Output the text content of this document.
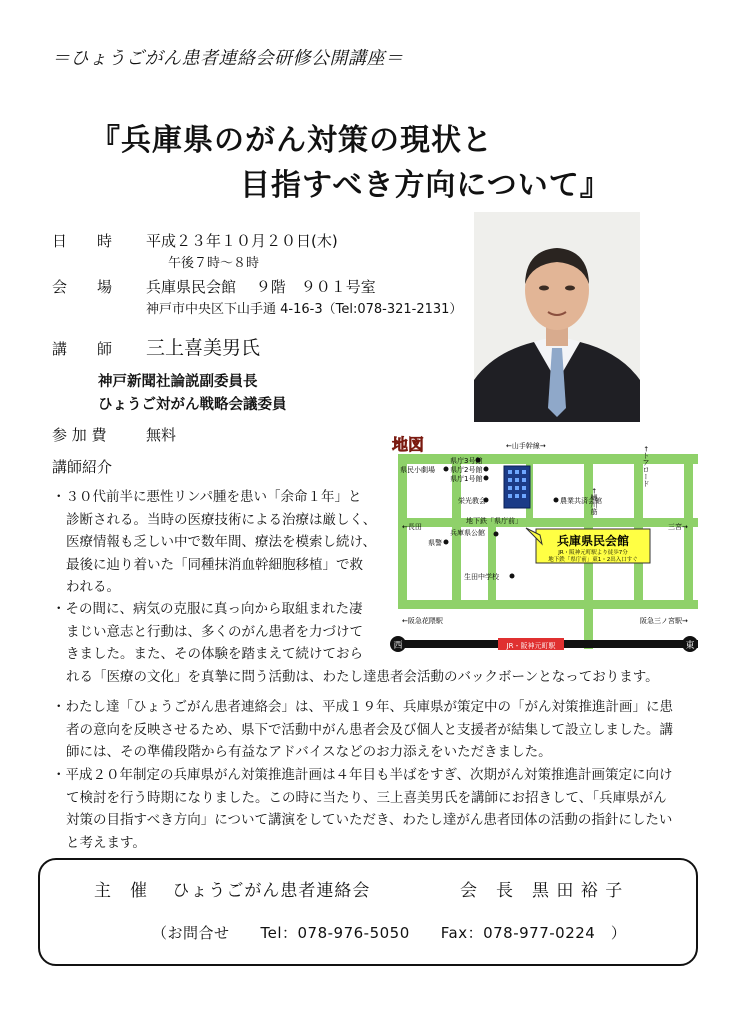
＝ひょうごがん患者連絡会研修公開講座＝
『兵庫県のがん対策の現状と
目指すべき方向について』
日　　時 平成２３年１０月２０日(木)
午後７時～８時
会　　場 兵庫県民会館　 ９階　９０１号室
神戸市中央区下山手通 4-16-3（Tel:078-321-2131）
講　　師 三上喜美男氏
神戸新聞社論説副委員長
ひょうご対がん戦略会議委員
参 加 費	無料
JR・阪神元町駅
西	東
地図	←山手幹線→
←鯉川筋
←トアロード
←長田	三宮→
←阪急花隈駅	阪急三ノ宮駅→
県庁3号館
県民小劇場 県庁2号館
県庁1号館
栄光教会	農業共済会館
地下鉄「県庁前」
兵庫県公館
県警
生田中学校
兵庫県民会館
JR・阪神元町駅より徒歩7分
地下鉄「県庁前」東1・2出入口すぐ
講師紹介
・３０代前半に悪性リンパ腫を患い「余命１年」と
診断される。当時の医療技術による治療は厳しく、
医療情報も乏しい中で数年間、療法を模索し続け、
最後に辿り着いた「同種抹消血幹細胞移植」で救
われる。
・その間に、病気の克服に真っ向から取組まれた凄
まじい意志と行動は、多くのがん患者を力づけて
きました。また、その体験を踏まえて続けておら
れる「医療の文化」を真摯に問う活動は、わたし達患者会活動のバックボーンとなっております。
・わたし達「ひょうごがん患者連絡会」は、平成１９年、兵庫県が策定中の「がん対策推進計画」に患
者の意向を反映させるため、県下で活動中がん患者会及び個人と支援者が結集して設立しました。講
師には、その準備段階から有益なアドバイスなどのお力添えをいただきました。
・平成２０年制定の兵庫県がん対策推進計画は４年目も半ばをすぎ、次期がん対策推進計画策定に向け
て検討を行う時期になりました。この時に当たり、三上喜美男氏を講師にお招きして、「兵庫県がん
対策の目指すべき方向」について講演をしていただき、わたし達がん患者団体の活動の指針にしたい
と考えます。
主　催　 ひょうごがん患者連絡会	会　長　黒 田 裕 子
（お問合せ　　Tel：078-976-5050　　Fax：078-977-0224　）
